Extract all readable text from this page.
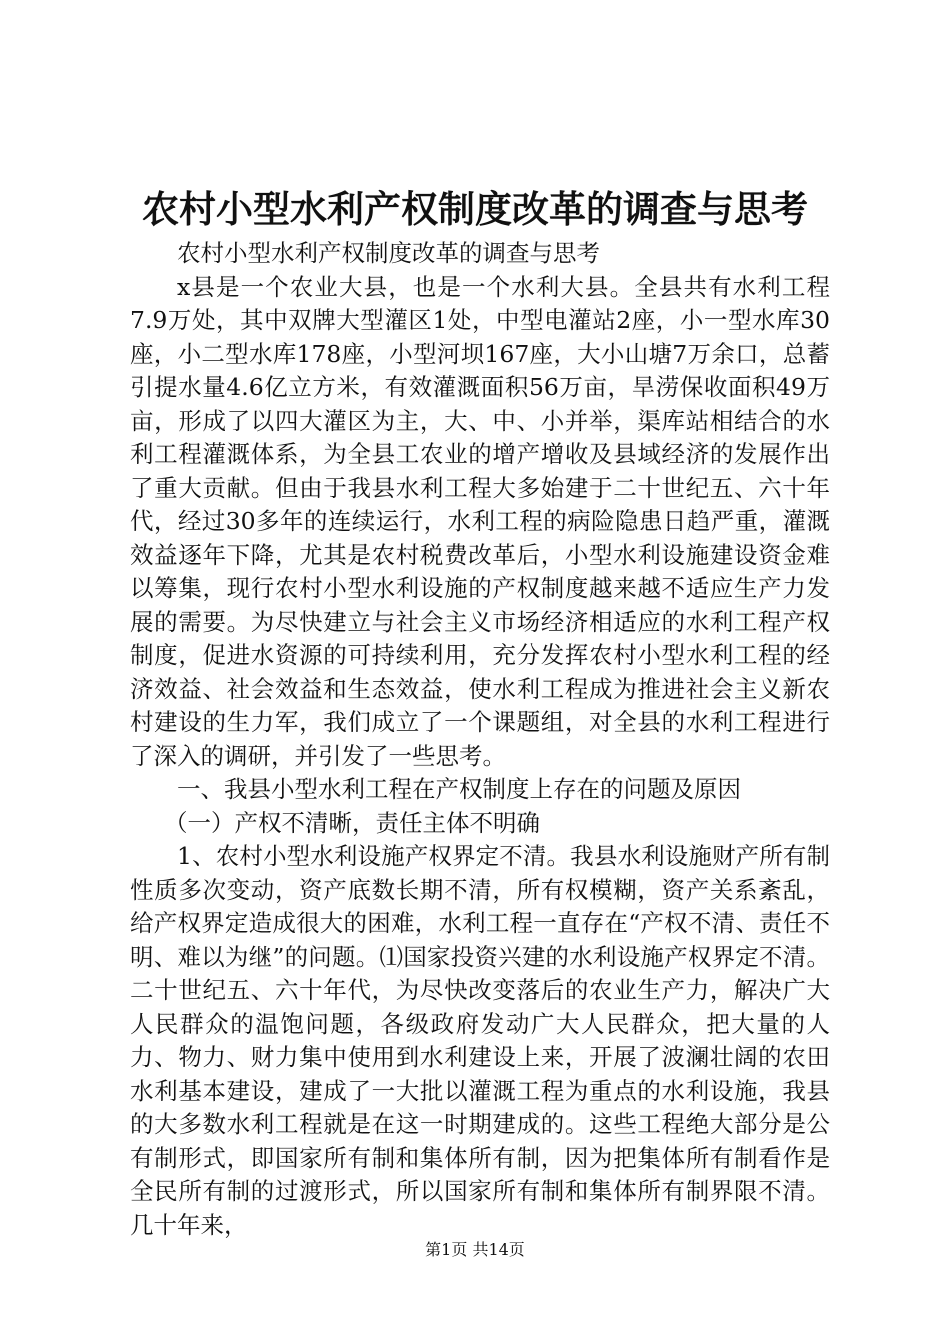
农村小型水利产权制度改革的调查与思考

农村小型水利产权制度改革的调查与思考

x县是一个农业大县，也是一个水利大县。全县共有水利工程7.9万处，其中双牌大型灌区1处，中型电灌站2座，小一型水库30座，小二型水库178座，小型河坝167座，大小山塘7万余口，总蓄引提水量4.6亿立方米，有效灌溉面积56万亩，旱涝保收面积49万亩，形成了以四大灌区为主，大、中、小并举，渠库站相结合的水利工程灌溉体系，为全县工农业的增产增收及县域经济的发展作出了重大贡献。但由于我县水利工程大多始建于二十世纪五、六十年代，经过30多年的连续运行，水利工程的病险隐患日趋严重，灌溉效益逐年下降，尤其是农村税费改革后，小型水利设施建设资金难以筹集，现行农村小型水利设施的产权制度越来越不适应生产力发展的需要。为尽快建立与社会主义市场经济相适应的水利工程产权制度，促进水资源的可持续利用，充分发挥农村小型水利工程的经济效益、社会效益和生态效益，使水利工程成为推进社会主义新农村建设的生力军，我们成立了一个课题组，对全县的水利工程进行了深入的调研，并引发了一些思考。

一、我县小型水利工程在产权制度上存在的问题及原因

（一）产权不清晰，责任主体不明确

1、农村小型水利设施产权界定不清。我县水利设施财产所有制性质多次变动，资产底数长期不清，所有权模糊，资产关系紊乱，给产权界定造成很大的困难，水利工程一直存在“产权不清、责任不明、难以为继”的问题。⑴国家投资兴建的水利设施产权界定不清。二十世纪五、六十年代，为尽快改变落后的农业生产力，解决广大人民群众的温饱问题，各级政府发动广大人民群众，把大量的人力、物力、财力集中使用到水利建设上来，开展了波澜壮阔的农田水利基本建设，建成了一大批以灌溉工程为重点的水利设施，我县的大多数水利工程就是在这一时期建成的。这些工程绝大部分是公有制形式，即国家所有制和集体所有制，因为把集体所有制看作是全民所有制的过渡形式，所以国家所有制和集体所有制界限不清。几十年来，

第1页 共14页
